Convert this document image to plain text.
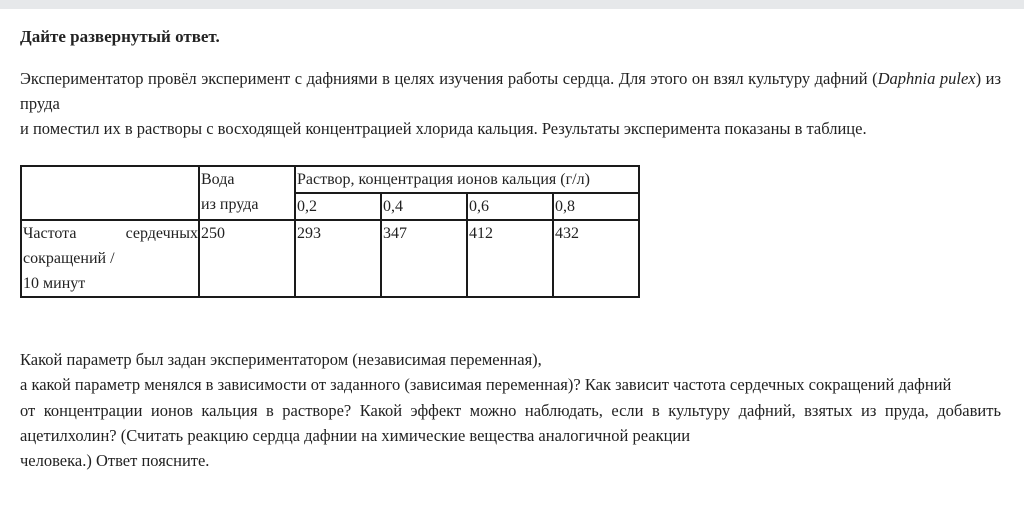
Дайте развернутый ответ.

Экспериментатор провёл эксперимент с дафниями в целях изучения работы сердца. Для этого он взял культуру дафний (Daphnia pulex) из пруда

и поместил их в растворы с восходящей концентрацией хлорида кальция. Результаты эксперимента показаны в таблице.

	Вода
из пруда	Раствор, концентрация ионов кальция (г/л)			
		0,2	0,4	0,6	0,8

Частота сердечных сокращений /
10 минут	250	293	347	412	432

Какой параметр был задан экспериментатором (независимая переменная),

а какой параметр менялся в зависимости от заданного (зависимая переменная)? Как зависит частота сердечных сокращений дафний

от концентрации ионов кальция в растворе? Какой эффект можно наблюдать, если в культуру дафний, взятых из пруда, добавить ацетилхолин? (Считать реакцию сердца дафнии на химические вещества аналогичной реакции

человека.) Ответ поясните.
